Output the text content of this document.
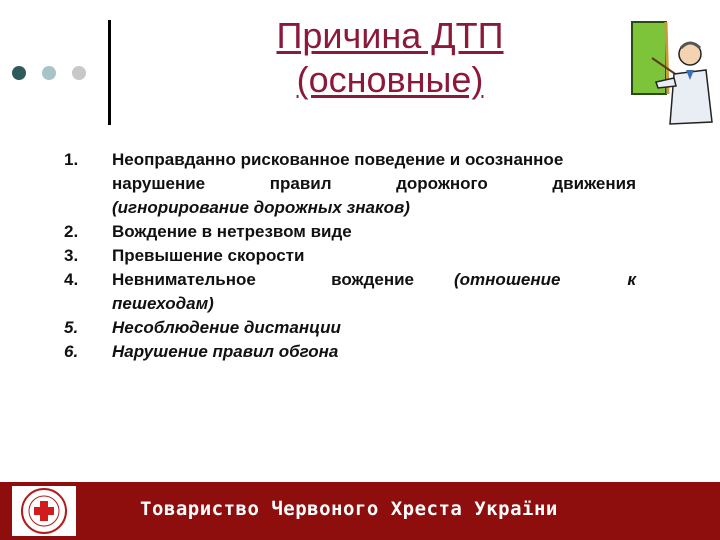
Причина ДТП
(основные)
1.	Неоправданно рискованное поведение и осознанное
нарушение правил дорожного движения
(игнорирование дорожных знаков)
2.	Вождение в нетрезвом виде
3.	Превышение скорости
4.	Невнимательное вождение	(отношение к
пешеходам)
5.	Несоблюдение дистанции
6.	Нарушение правил обгона
Товариство Червоного Хреста України
